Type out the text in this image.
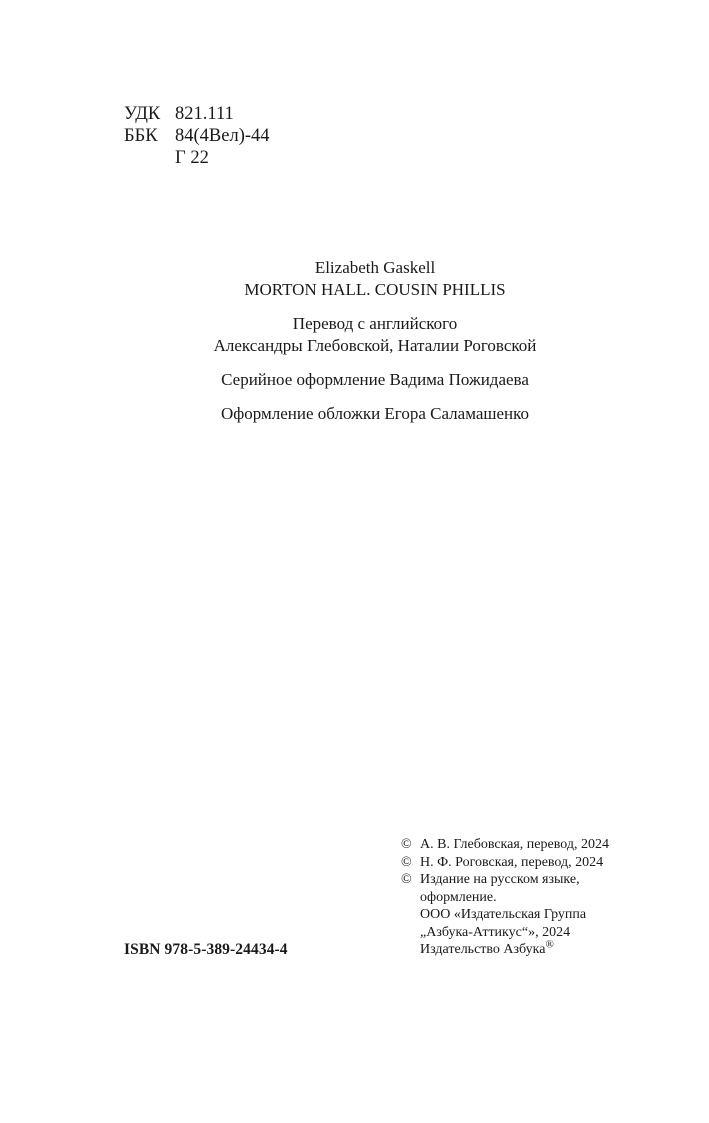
УДК 821.111
ББК 84(4Вел)-44
Г 22
Elizabeth Gaskell
MORTON HALL. COUSIN PHILLIS
Перевод с английского
Александры Глебовской, Наталии Роговской
Серийное оформление Вадима Пожидаева
Оформление обложки Егора Саламашенко
ISBN 978-5-389-24434-4
© А. В. Глебовская, перевод, 2024
© Н. Ф. Роговская, перевод, 2024
© Издание на русском языке,
оформление.
ООО «Издательская Группа
„Азбука-Аттикус“», 2024
Издательство Азбука®
